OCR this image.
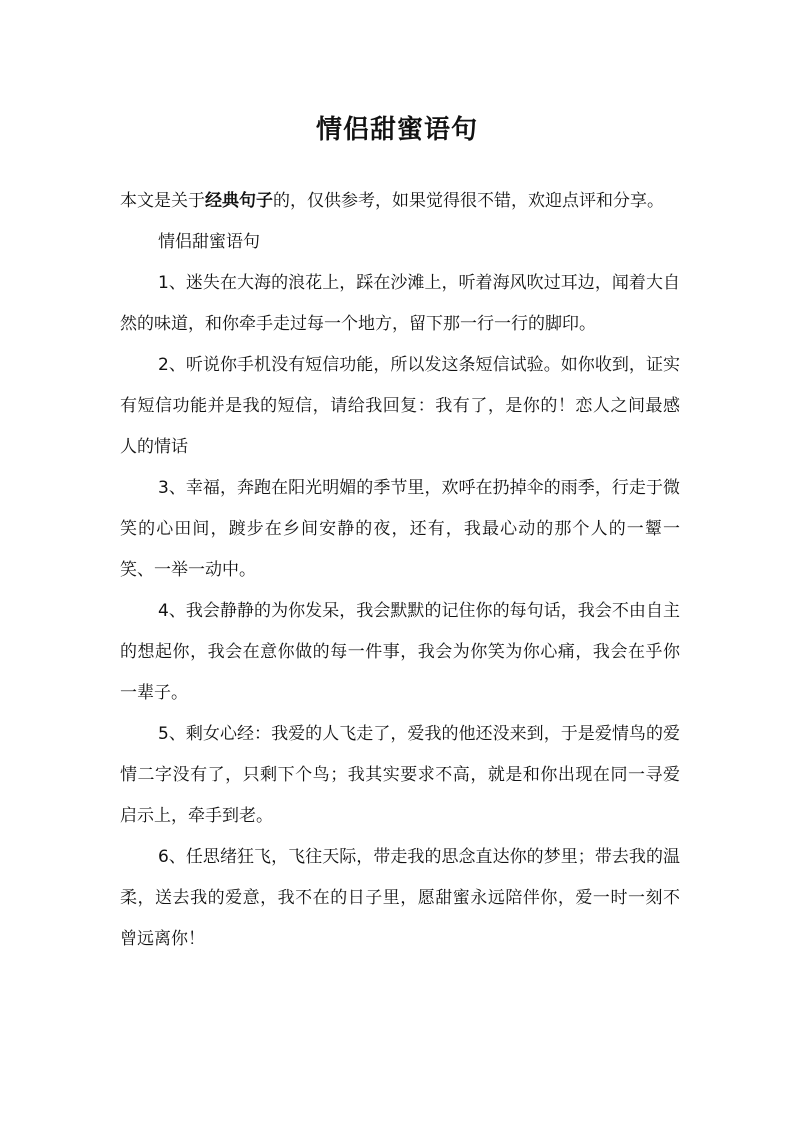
情侣甜蜜语句

本文是关于经典句子的，仅供参考，如果觉得很不错，欢迎点评和分享。

情侣甜蜜语句

1、迷失在大海的浪花上，踩在沙滩上，听着海风吹过耳边，闻着大自然的味道，和你牵手走过每一个地方，留下那一行一行的脚印。

2、听说你手机没有短信功能，所以发这条短信试验。如你收到，证实有短信功能并是我的短信，请给我回复：我有了，是你的！恋人之间最感人的情话

3、幸福，奔跑在阳光明媚的季节里，欢呼在扔掉伞的雨季，行走于微笑的心田间，踱步在乡间安静的夜，还有，我最心动的那个人的一颦一笑、一举一动中。

4、我会静静的为你发呆，我会默默的记住你的每句话，我会不由自主的想起你，我会在意你做的每一件事，我会为你笑为你心痛，我会在乎你一辈子。

5、剩女心经：我爱的人飞走了，爱我的他还没来到，于是爱情鸟的爱情二字没有了，只剩下个鸟；我其实要求不高，就是和你出现在同一寻爱启示上，牵手到老。

6、任思绪狂飞，飞往天际，带走我的思念直达你的梦里；带去我的温柔，送去我的爱意，我不在的日子里，愿甜蜜永远陪伴你，爱一时一刻不曾远离你！
